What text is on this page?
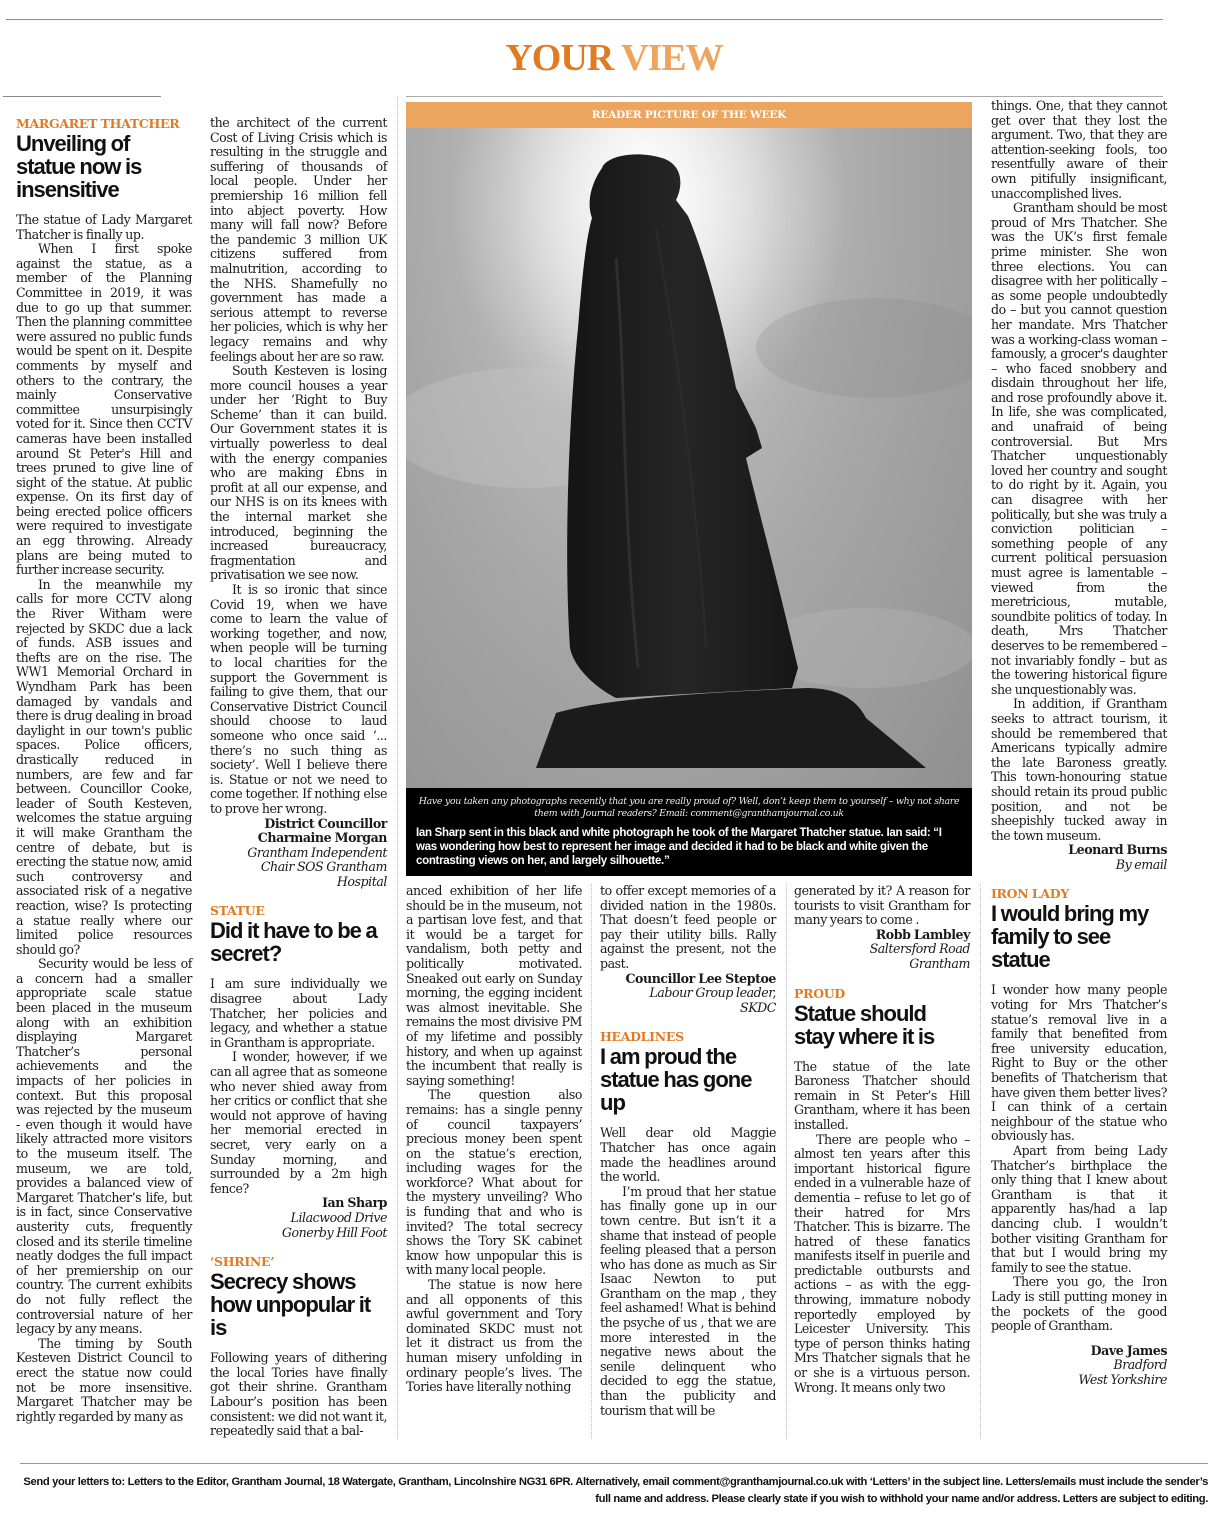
YOUR VIEW
MARGARET THATCHER
Unveiling of statue now is insensitive

The statue of Lady Margaret Thatcher is finally up.

When I first spoke against the statue, as a member of the Planning Committee in 2019, it was due to go up that summer. Then the planning committee were assured no public funds would be spent on it. Despite comments by myself and others to the contrary, the mainly Conservative committee unsurpisingly voted for it. Since then CCTV cameras have been installed around St Peter's Hill and trees pruned to give line of sight of the statue. At public expense. On its first day of being erected police officers were required to investigate an egg throwing. Already plans are being muted to further increase security.

In the meanwhile my calls for more CCTV along the River Witham were rejected by SKDC due a lack of funds. ASB issues and thefts are on the rise. The WW1 Memorial Orchard in Wyndham Park has been damaged by vandals and there is drug dealing in broad daylight in our town's public spaces. Police officers, drastically reduced in numbers, are few and far between. Councillor Cooke, leader of South Kesteven, welcomes the statue arguing it will make Grantham the centre of debate, but is erecting the statue now, amid such controversy and associated risk of a negative reaction, wise? Is protecting a statue really where our limited police resources should go?

Security would be less of a concern had a smaller appropriate scale statue been placed in the museum along with an exhibition displaying Margaret Thatcher’s personal achievements and the impacts of her policies in context. But this proposal was rejected by the museum - even though it would have likely attracted more visitors to the museum itself. The museum, we are told, provides a balanced view of Margaret Thatcher’s life, but is in fact, since Conservative austerity cuts, frequently closed and its sterile timeline neatly dodges the full impact of her premiership on our country. The current exhibits do not fully reflect the controversial nature of her legacy by any means.

The timing by South Kesteven District Council to erect the statue now could not be more insensitive. Margaret Thatcher may be rightly regarded by many as

the architect of the current Cost of Living Crisis which is resulting in the struggle and suffering of thousands of local people. Under her premiership 16 million fell into abject poverty. How many will fall now? Before the pandemic 3 million UK citizens suffered from malnutrition, according to the NHS. Shamefully no government has made a serious attempt to reverse her policies, which is why her legacy remains and why feelings about her are so raw.

South Kesteven is losing more council houses a year under her ‘Right to Buy Scheme’ than it can build. Our Government states it is virtually powerless to deal with the energy companies who are making £bns in profit at all our expense, and our NHS is on its knees with the internal market she introduced, beginning the increased bureaucracy, fragmentation and privatisation we see now.

It is so ironic that since Covid 19, when we have come to learn the value of working together, and now, when people will be turning to local charities for the support the Government is failing to give them, that our Conservative District Council should choose to laud someone who once said ‘... there’s no such thing as society’. Well I believe there is. Statue or not we need to come together. If nothing else to prove her wrong.

District Councillor
Charmaine Morgan
Grantham Independent
Chair SOS Grantham Hospital
STATUE
Did it have to be a secret?

I am sure individually we disagree about Lady Thatcher, her policies and legacy, and whether a statue in Grantham is appropriate.

I wonder, however, if we can all agree that as someone who never shied away from her critics or conflict that she would not approve of having her memorial erected in secret, very early on a Sunday morning, and surrounded by a 2m high fence?

Ian Sharp
Lilacwood Drive
Gonerby Hill Foot
‘SHRINE’
Secrecy shows how unpopular it is

Following years of dithering the local Tories have finally got their shrine. Grantham Labour’s position has been consistent: we did not want it, repeatedly said that a bal-

READER PICTURE OF THE WEEK
Have you taken any photographs recently that you are really proud of? Well, don’t keep them to yourself – why not share them with Journal readers? Email: comment@granthamjournal.co.uk
Ian Sharp sent in this black and white photograph he took of the Margaret Thatcher statue. Ian said: “I was wondering how best to represent her image and decided it had to be black and white given the contrasting views on her, and largely silhouette.”

anced exhibition of her life should be in the museum, not a partisan love fest, and that it would be a target for vandalism, both petty and politically motivated. Sneaked out early on Sunday morning, the egging incident was almost inevitable. She remains the most divisive PM of my lifetime and possibly history, and when up against the incumbent that really is saying something!

The question also remains: has a single penny of council taxpayers’ precious money been spent on the statue’s erection, including wages for the workforce? What about for the mystery unveiling? Who is funding that and who is invited? The total secrecy shows the Tory SK cabinet know how unpopular this is with many local people.

The statue is now here and all opponents of this awful government and Tory dominated SKDC must not let it distract us from the human misery unfolding in ordinary people’s lives. The Tories have literally nothing

to offer except memories of a divided nation in the 1980s. That doesn’t feed people or pay their utility bills. Rally against the present, not the past.

Councillor Lee Steptoe
Labour Group leader,
SKDC
HEADLINES
I am proud the statue has gone up

Well dear old Maggie Thatcher has once again made the headlines around the world.

I’m proud that her statue has finally gone up in our town centre. But isn’t it a shame that instead of people feeling pleased that a person who has done as much as Sir Isaac Newton to put Grantham on the map , they feel ashamed! What is behind the psyche of us , that we are more interested in the negative news about the senile delinquent who decided to egg the statue, than the publicity and tourism that will be

generated by it? A reason for tourists to visit Grantham for many years to come .

Robb Lambley
Saltersford Road
Grantham
PROUD
Statue should stay where it is

The statue of the late Baroness Thatcher should remain in St Peter’s Hill Grantham, where it has been installed.

There are people who – almost ten years after this important historical figure ended in a vulnerable haze of dementia – refuse to let go of their hatred for Mrs Thatcher. This is bizarre. The hatred of these fanatics manifests itself in puerile and predictable outbursts and actions – as with the egg-throwing, immature nobody reportedly employed by Leicester University. This type of person thinks hating Mrs Thatcher signals that he or she is a virtuous person. Wrong. It means only two

things. One, that they cannot get over that they lost the argument. Two, that they are attention-seeking fools, too resentfully aware of their own pitifully insignificant, unaccomplished lives.

Grantham should be most proud of Mrs Thatcher. She was the UK’s first female prime minister. She won three elections. You can disagree with her politically – as some people undoubtedly do – but you cannot question her mandate. Mrs Thatcher was a working-class woman – famously, a grocer's daughter – who faced snobbery and disdain throughout her life, and rose profoundly above it. In life, she was complicated, and unafraid of being controversial. But Mrs Thatcher unquestionably loved her country and sought to do right by it. Again, you can disagree with her politically, but she was truly a conviction politician – something people of any current political persuasion must agree is lamentable – viewed from the meretricious, mutable, soundbite politics of today. In death, Mrs Thatcher deserves to be remembered – not invariably fondly – but as the towering historical figure she unquestionably was.

In addition, if Grantham seeks to attract tourism, it should be remembered that Americans typically admire the late Baroness greatly. This town-honouring statue should retain its proud public position, and not be sheepishly tucked away in the town museum.

Leonard Burns
By email
IRON LADY
I would bring my family to see statue

I wonder how many people voting for Mrs Thatcher’s statue’s removal live in a family that benefited from free university education, Right to Buy or the other benefits of Thatcherism that have given them better lives? I can think of a certain neighbour of the statue who obviously has.

Apart from being Lady Thatcher’s birthplace the only thing that I knew about Grantham is that it apparently has/had a lap dancing club. I wouldn’t bother visiting Grantham for that but I would bring my family to see the statue.

There you go, the Iron Lady is still putting money in the pockets of the good people of Grantham.

Dave James
Bradford
West Yorkshire
Send your letters to: Letters to the Editor, Grantham Journal, 18 Watergate, Grantham, Lincolnshire NG31 6PR. Alternatively, email comment@granthamjournal.co.uk with ‘Letters’ in the subject line. Letters/emails must include the sender’s full name and address. Please clearly state if you wish to withhold your name and/or address. Letters are subject to editing.
